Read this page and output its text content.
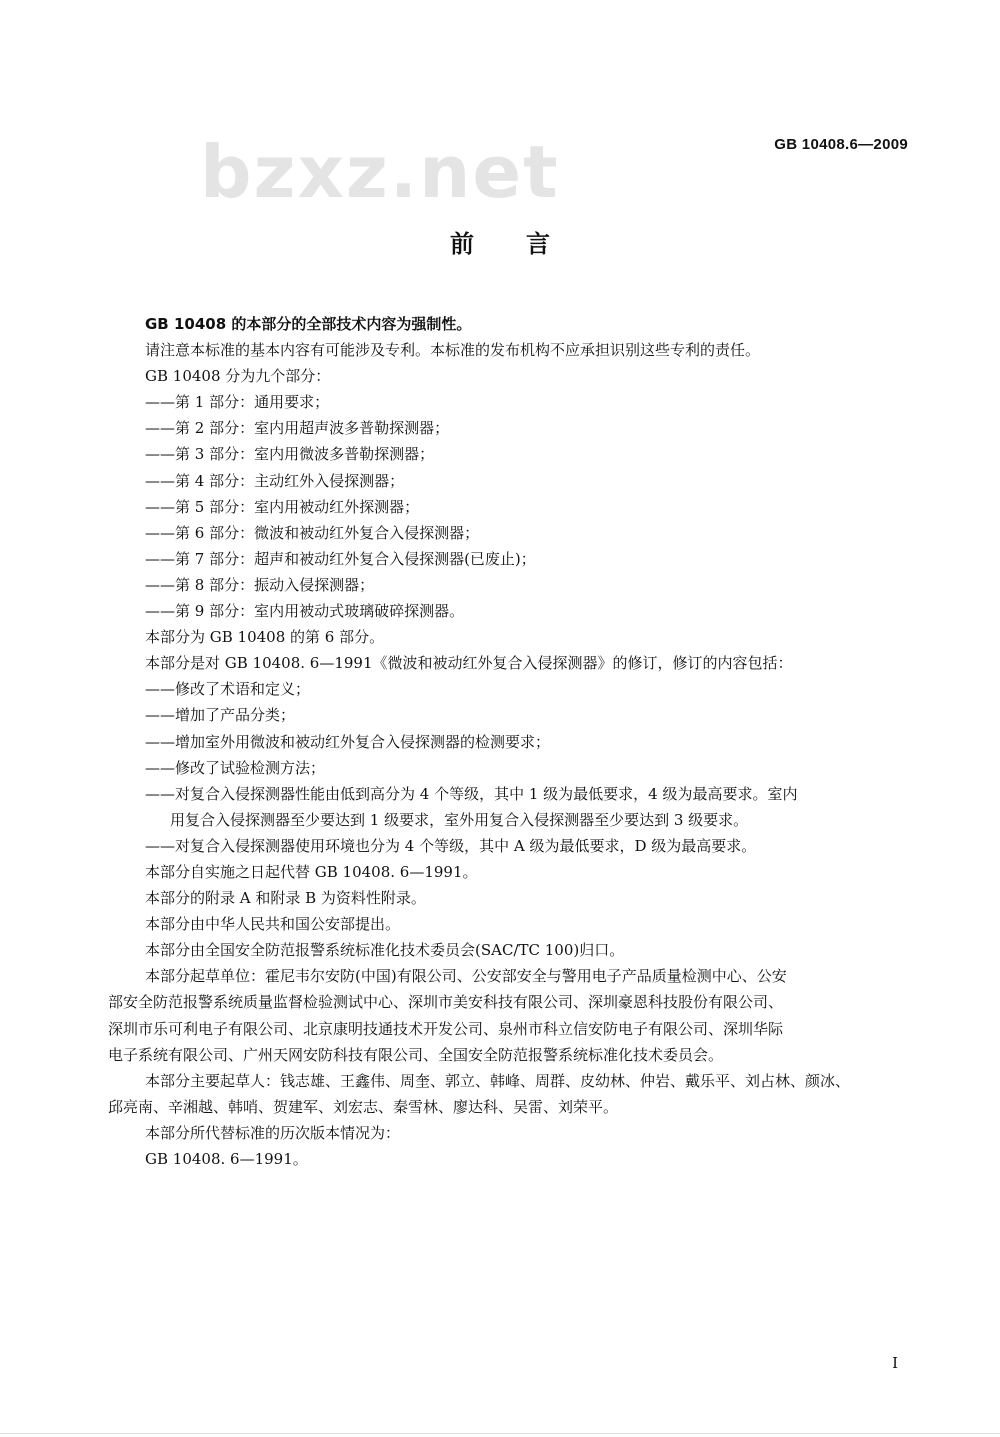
GB 10408.6—2009
bzxz.net
前言
GB 10408 的本部分的全部技术内容为强制性。
请注意本标准的基本内容有可能涉及专利。本标准的发布机构不应承担识别这些专利的责任。
GB 10408 分为九个部分：
——第 1 部分：通用要求；
——第 2 部分：室内用超声波多普勒探测器；
——第 3 部分：室内用微波多普勒探测器；
——第 4 部分：主动红外入侵探测器；
——第 5 部分：室内用被动红外探测器；
——第 6 部分：微波和被动红外复合入侵探测器；
——第 7 部分：超声和被动红外复合入侵探测器(已废止)；
——第 8 部分：振动入侵探测器；
——第 9 部分：室内用被动式玻璃破碎探测器。
本部分为 GB 10408 的第 6 部分。
本部分是对 GB 10408. 6—1991《微波和被动红外复合入侵探测器》的修订，修订的内容包括：
——修改了术语和定义；
——增加了产品分类；
——增加室外用微波和被动红外复合入侵探测器的检测要求；
——修改了试验检测方法；
——对复合入侵探测器性能由低到高分为 4 个等级，其中 1 级为最低要求，4 级为最高要求。室内
用复合入侵探测器至少要达到 1 级要求，室外用复合入侵探测器至少要达到 3 级要求。
——对复合入侵探测器使用环境也分为 4 个等级，其中 A 级为最低要求，D 级为最高要求。
本部分自实施之日起代替 GB 10408. 6—1991。
本部分的附录 A 和附录 B 为资料性附录。
本部分由中华人民共和国公安部提出。
本部分由全国安全防范报警系统标准化技术委员会(SAC/TC 100)归口。
本部分起草单位：霍尼韦尔安防(中国)有限公司、公安部安全与警用电子产品质量检测中心、公安
部安全防范报警系统质量监督检验测试中心、深圳市美安科技有限公司、深圳豪恩科技股份有限公司、
深圳市乐可利电子有限公司、北京康明技通技术开发公司、泉州市科立信安防电子有限公司、深圳华际
电子系统有限公司、广州天网安防科技有限公司、全国安全防范报警系统标准化技术委员会。
本部分主要起草人：钱志雄、王鑫伟、周奎、郭立、韩峰、周群、皮幼林、仲岩、戴乐平、刘占林、颜冰、
邱亮南、辛湘越、韩哨、贺建军、刘宏志、秦雪林、廖达科、吴雷、刘荣平。
本部分所代替标准的历次版本情况为：
GB 10408. 6—1991。
I
